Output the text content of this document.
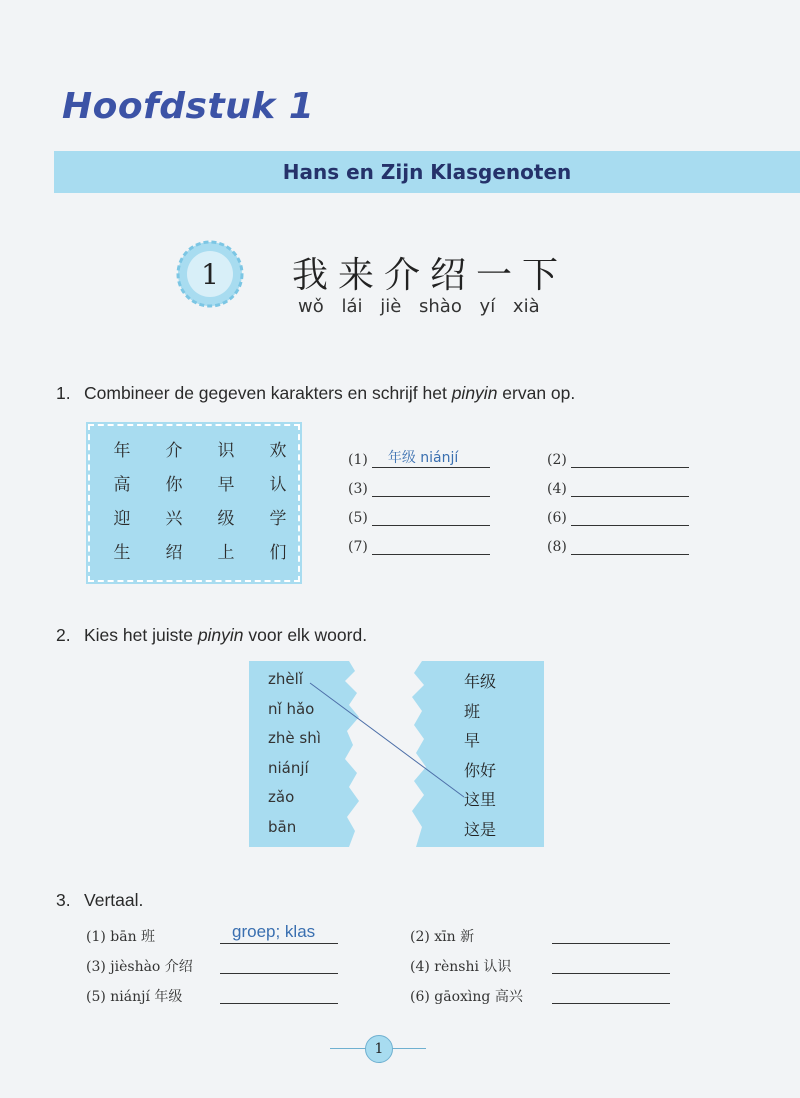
Hoofdstuk 1
Hans en Zijn Klasgenoten
1 我来介绍一下
wǒ lái jiè shào yí xià
1. Combineer de gegeven karakters en schrijf het pinyin ervan op.
年	介	识	欢
高	你	早	认
迎	兴	级	学
生	绍	上	们
(1) 年级 niánjí	(2)
(3)	(4)
(5)	(6)
(7)	(8)
2. Kies het juiste pinyin voor elk woord.
zhèlǐ
nǐ hǎo
zhè shì
niánjí
zǎo
bān
年级
班
早
你好
这里
这是
3. Vertaal.
(1) bān 班	groep; klas	(2) xīn 新
(3) jièshào 介绍	(4) rènshi 认识
(5) niánjí 年级	(6) gāoxìng 高兴
1
